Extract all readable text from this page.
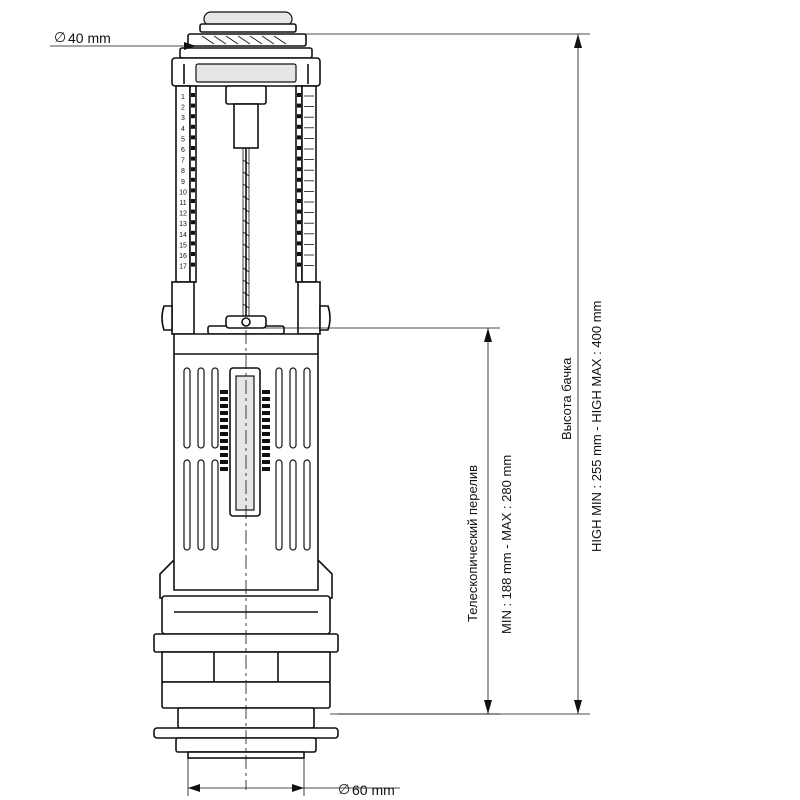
1
2
3
4
5
6
7
8
9
10
11
12
13
14
15
16
17
∅ 40 mm
∅ 60 mm
Телескопический перелив MIN : 188 mm - MAX : 280 mm
Высота бачка HIGH MIN : 255 mm - HIGH MAX : 400 mm
